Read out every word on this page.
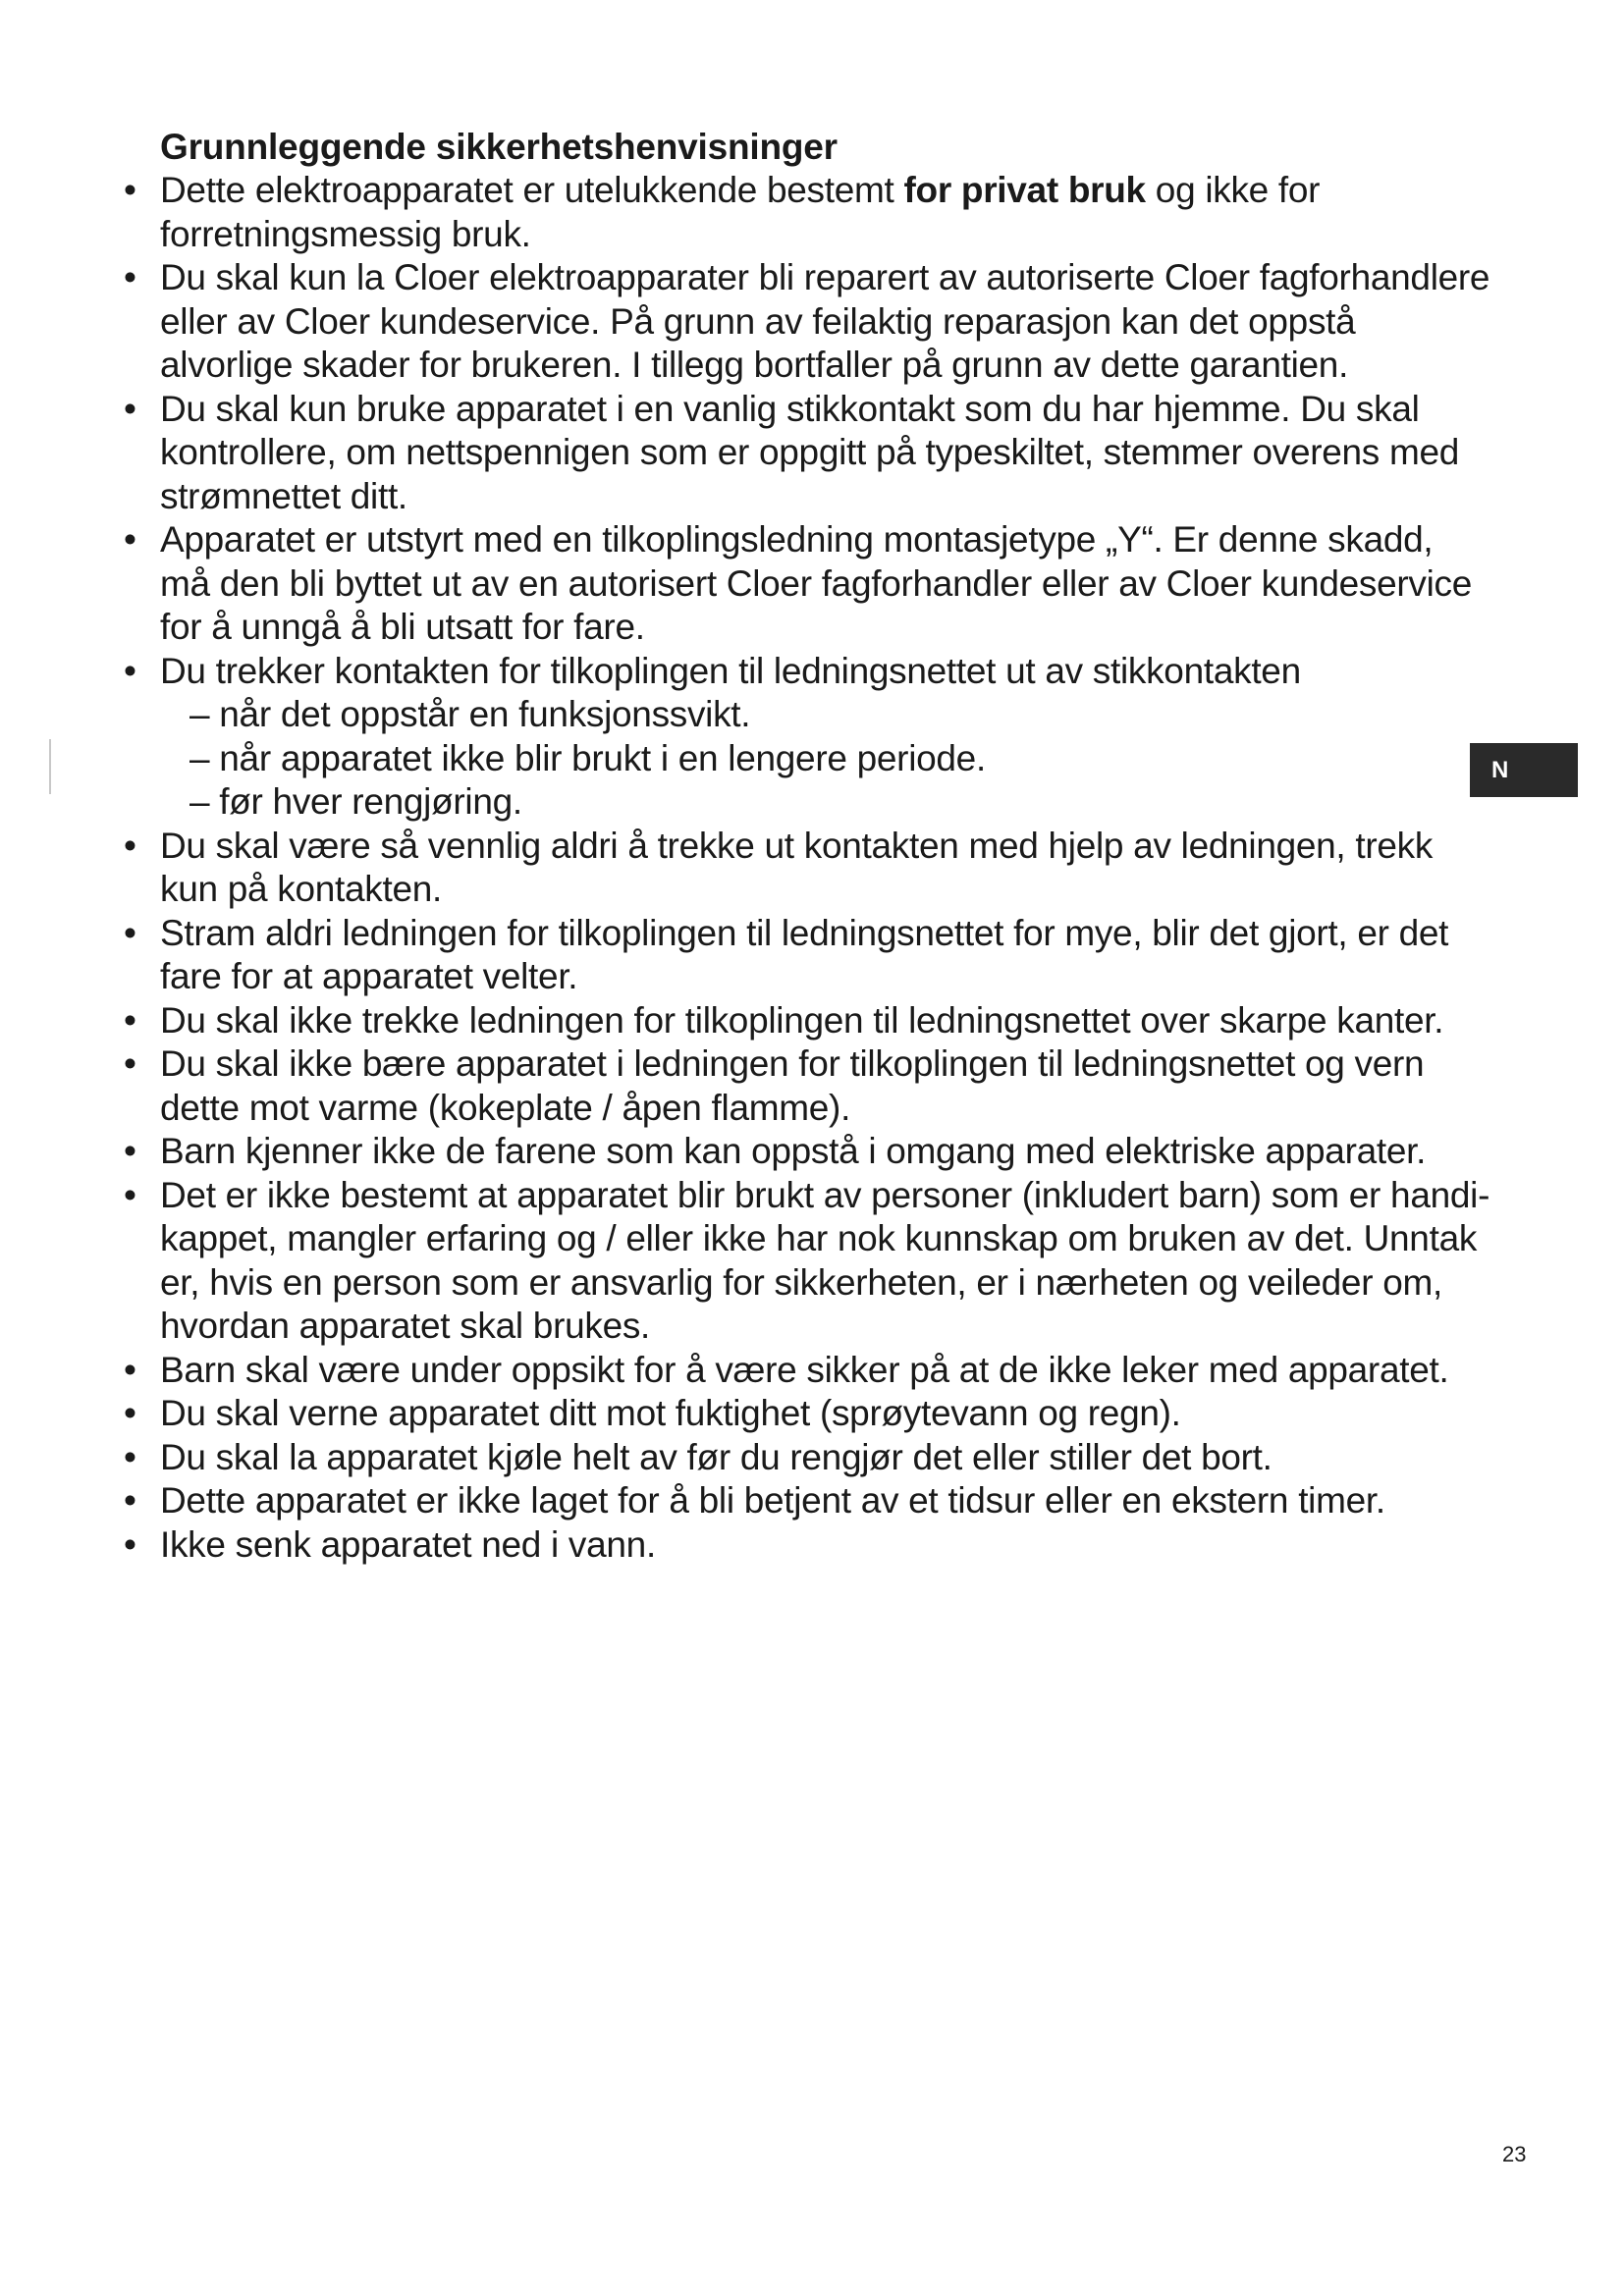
Grunnleggende sikkerhetshenvisninger
• Dette elektroapparatet er utelukkende bestemt for privat bruk og ikke for forretningsmessig bruk.
• Du skal kun la Cloer elektroapparater bli reparert av autoriserte Cloer fagforhandlere eller av Cloer kundeservice. På grunn av feilaktig reparasjon kan det oppstå alvorlige skader for brukeren. I tillegg bortfaller på grunn av dette garantien.
• Du skal kun bruke apparatet i en vanlig stikkontakt som du har hjemme. Du skal kontrollere, om nettspennigen som er oppgitt på typeskiltet, stemmer overens med strømnettet ditt.
• Apparatet er utstyrt med en tilkoplingsledning montasjetype „Y“. Er denne skadd, må den bli byttet ut av en autorisert Cloer fagforhandler eller av Cloer kundeservice for å unngå å bli utsatt for fare.
• Du trekker kontakten for tilkoplingen til ledningsnettet ut av stikkontakten
– når det oppstår en funksjonssvikt.
– når apparatet ikke blir brukt i en lengere periode.
– før hver rengjøring.
• Du skal være så vennlig aldri å trekke ut kontakten med hjelp av ledningen, trekk kun på kontakten.
• Stram aldri ledningen for tilkoplingen til ledningsnettet for mye, blir det gjort, er det fare for at apparatet velter.
• Du skal ikke trekke ledningen for tilkoplingen til ledningsnettet over skarpe kanter.
• Du skal ikke bære apparatet i ledningen for tilkoplingen til ledningsnettet og vern dette mot varme (kokeplate / åpen flamme).
• Barn kjenner ikke de farene som kan oppstå i omgang med elektriske apparater.
• Det er ikke bestemt at apparatet blir brukt av personer (inkludert barn) som er handi- kappet, mangler erfaring og / eller ikke har nok kunnskap om bruken av det. Unntak er, hvis en person som er ansvarlig for sikkerheten, er i nærheten og veileder om, hvordan apparatet skal brukes.
• Barn skal være under oppsikt for å være sikker på at de ikke leker med apparatet.
• Du skal verne apparatet ditt mot fuktighet (sprøytevann og regn).
• Du skal la apparatet kjøle helt av før du rengjør det eller stiller det bort.
• Dette apparatet er ikke laget for å bli betjent av et tidsur eller en ekstern timer.
• Ikke senk apparatet ned i vann.
N
23
